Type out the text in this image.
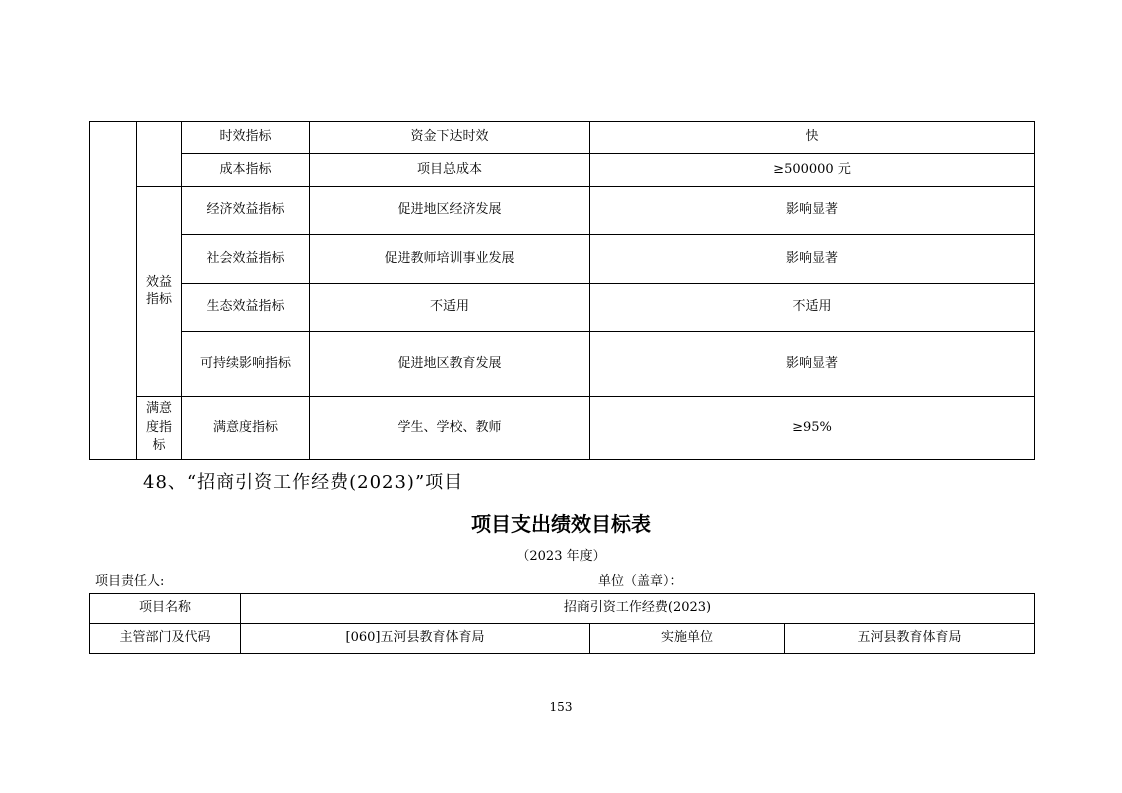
		时效指标	资金下达时效	快
		成本指标	项目总成本	≥500000 元
	效益指标	经济效益指标	促进地区经济发展	影响显著
		社会效益指标	促进教师培训事业发展	影响显著
		生态效益指标	不适用	不适用
		可持续影响指标	促进地区教育发展	影响显著
	满意度指标	满意度指标	学生、学校、教师	≥95%
48、“招商引资工作经费(2023)”项目
项目支出绩效目标表
（2023 年度）
项目责任人:	单位（盖章）：
项目名称	招商引资工作经费(2023)		
主管部门及代码	[060]五河县教育体育局	实施单位	五河县教育体育局
153
